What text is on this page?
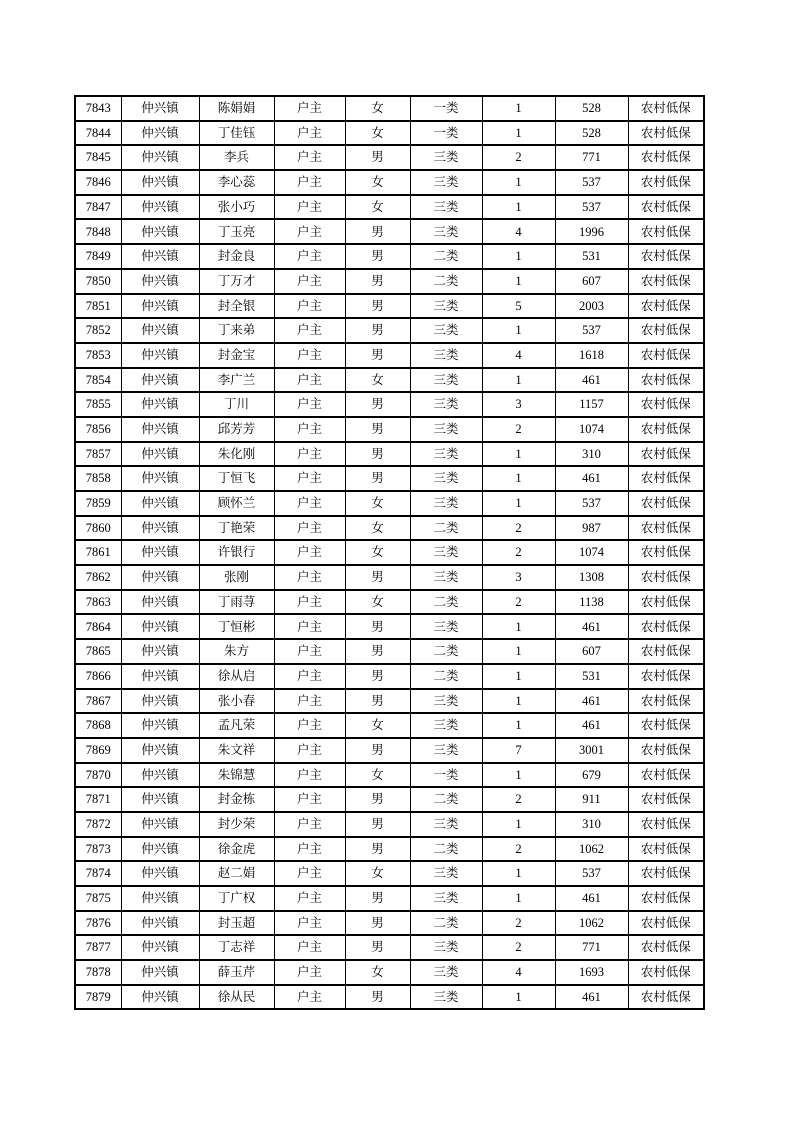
7843	仲兴镇	陈娟娟	户主	女	一类	1	528	农村低保
7844	仲兴镇	丁佳钰	户主	女	一类	1	528	农村低保
7845	仲兴镇	李兵	户主	男	三类	2	771	农村低保
7846	仲兴镇	李心蕊	户主	女	三类	1	537	农村低保
7847	仲兴镇	张小巧	户主	女	三类	1	537	农村低保
7848	仲兴镇	丁玉亮	户主	男	三类	4	1996	农村低保
7849	仲兴镇	封金良	户主	男	二类	1	531	农村低保
7850	仲兴镇	丁万才	户主	男	二类	1	607	农村低保
7851	仲兴镇	封全银	户主	男	三类	5	2003	农村低保
7852	仲兴镇	丁来弟	户主	男	三类	1	537	农村低保
7853	仲兴镇	封金宝	户主	男	三类	4	1618	农村低保
7854	仲兴镇	李广兰	户主	女	三类	1	461	农村低保
7855	仲兴镇	丁川	户主	男	三类	3	1157	农村低保
7856	仲兴镇	邱芳芳	户主	男	三类	2	1074	农村低保
7857	仲兴镇	朱化刚	户主	男	三类	1	310	农村低保
7858	仲兴镇	丁恒飞	户主	男	三类	1	461	农村低保
7859	仲兴镇	顾怀兰	户主	女	三类	1	537	农村低保
7860	仲兴镇	丁艳荣	户主	女	二类	2	987	农村低保
7861	仲兴镇	许银行	户主	女	三类	2	1074	农村低保
7862	仲兴镇	张刚	户主	男	三类	3	1308	农村低保
7863	仲兴镇	丁雨荨	户主	女	二类	2	1138	农村低保
7864	仲兴镇	丁恒彬	户主	男	三类	1	461	农村低保
7865	仲兴镇	朱方	户主	男	二类	1	607	农村低保
7866	仲兴镇	徐从启	户主	男	二类	1	531	农村低保
7867	仲兴镇	张小春	户主	男	三类	1	461	农村低保
7868	仲兴镇	孟凡荣	户主	女	三类	1	461	农村低保
7869	仲兴镇	朱文祥	户主	男	三类	7	3001	农村低保
7870	仲兴镇	朱锦慧	户主	女	一类	1	679	农村低保
7871	仲兴镇	封金栋	户主	男	二类	2	911	农村低保
7872	仲兴镇	封少荣	户主	男	三类	1	310	农村低保
7873	仲兴镇	徐金虎	户主	男	二类	2	1062	农村低保
7874	仲兴镇	赵二娟	户主	女	三类	1	537	农村低保
7875	仲兴镇	丁广权	户主	男	三类	1	461	农村低保
7876	仲兴镇	封玉超	户主	男	二类	2	1062	农村低保
7877	仲兴镇	丁志祥	户主	男	三类	2	771	农村低保
7878	仲兴镇	薛玉芹	户主	女	三类	4	1693	农村低保
7879	仲兴镇	徐从民	户主	男	三类	1	461	农村低保
